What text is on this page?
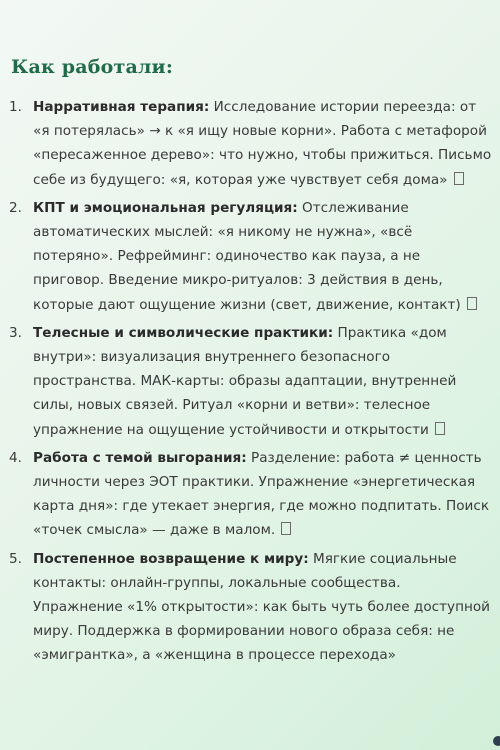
Как работали:
1. Нарративная терапия: Исследование истории переезда: от «я потерялась» → к «я ищу новые корни». Работа с метафорой «пересаженное дерево»: что нужно, чтобы прижиться. Письмо себе из будущего: «я, которая уже чувствует себя дома»
2. КПТ и эмоциональная регуляция: Отслеживание автоматических мыслей: «я никому не нужна», «всё потеряно». Рефрейминг: одиночество как пауза, а не приговор. Введение микро-ритуалов: 3 действия в день, которые дают ощущение жизни (свет, движение, контакт)
3. Телесные и символические практики: Практика «дом внутри»: визуализация внутреннего безопасного пространства. МАК-карты: образы адаптации, внутренней силы, новых связей. Ритуал «корни и ветви»: телесное упражнение на ощущение устойчивости и открытости
4. Работа с темой выгорания: Разделение: работа ≠ ценность личности через ЭОТ практики. Упражнение «энергетическая карта дня»: где утекает энергия, где можно подпитать. Поиск «точек смысла» — даже в малом.
5. Постепенное возвращение к миру: Мягкие социальные контакты: онлайн-группы, локальные сообщества. Упражнение «1% открытости»: как быть чуть более доступной миру. Поддержка в формировании нового образа себя: не «эмигрантка», а «женщина в процессе перехода»
